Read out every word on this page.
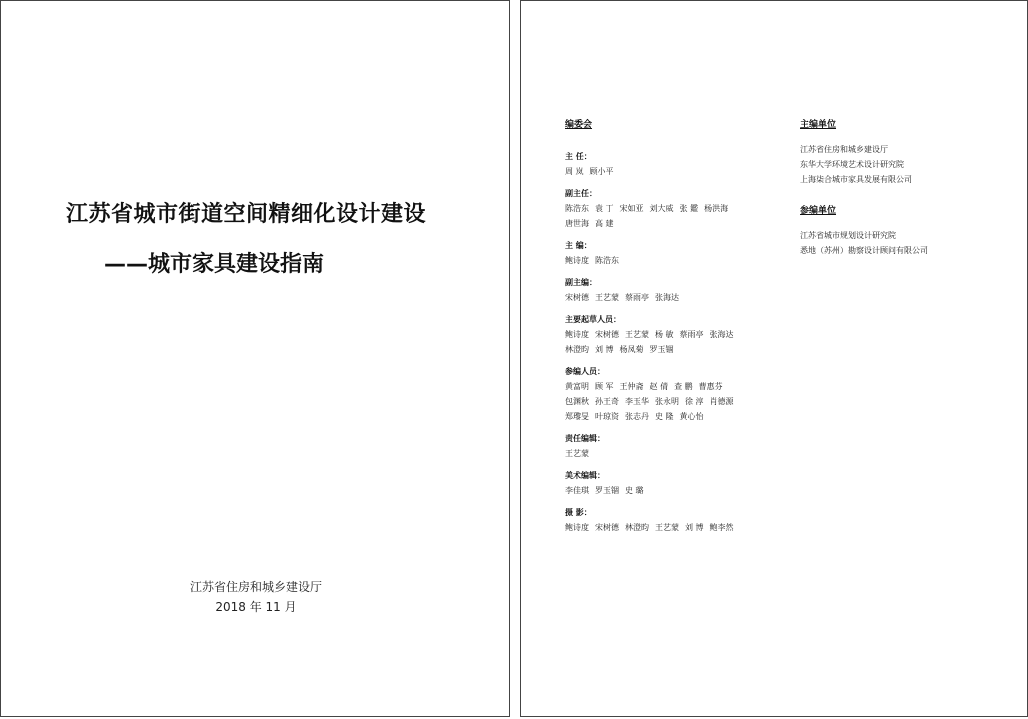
江苏省城市街道空间精细化设计建设
——城市家具建设指南
江苏省住房和城乡建设厅
2018 年 11 月
编委会
主 任：
周 岚 顾小平
副主任：
陈浩东 袁 丁 宋如亚 刘大威 张 鑑 杨洪海
唐世海 高 建
主 编：
鲍诗度 陈浩东
副主编：
宋树德 王艺蒙 蔡雨亭 张海达
主要起草人员：
鲍诗度 宋树德 王艺蒙 杨 敏 蔡雨亭 张海达
林澄昀 刘 博 杨凤菊 罗玉锢
参编人员：
黄富明 顾 军 王仲斋 赵 倩 查 鹏 曹惠芬
包渊秋 孙王奇 李玉华 张永明 徐 淳 肖德源
郑瓈旻 叶琼资 张志丹 史 隆 黄心怡
责任编辑：
王艺蒙
美术编辑：
李佳琪 罗玉锢 史 璐
摄 影：
鲍诗度 宋树德 林澄昀 王艺蒙 刘 博 鲍李然
主编单位
江苏省住房和城乡建设厅
东华大学环境艺术设计研究院
上海柒合城市家具发展有限公司
参编单位
江苏省城市规划设计研究院
悉地（苏州）勘察设计顾问有限公司
